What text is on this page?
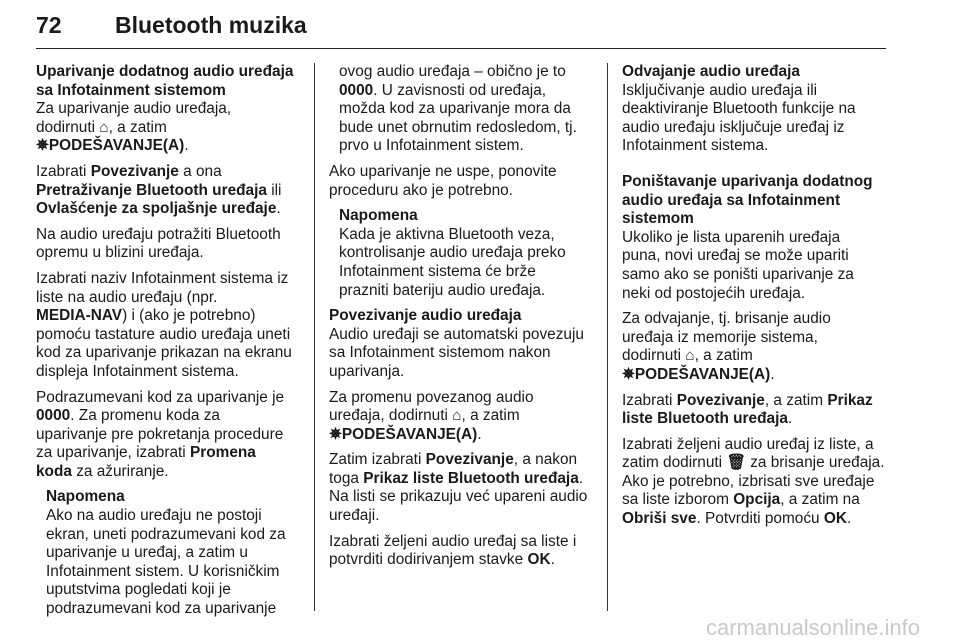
72 Bluetooth muzika

Uparivanje dodatnog audio uređaja
sa Infotainment sistemom

Za uparivanje audio uređaja,
dodirnuti ⌂, a zatim
✵PODEŠAVANJE(A).

Izabrati Povezivanje a ona
Pretraživanje Bluetooth uređaja ili
Ovlašćenje za spoljašnje uređaje.

Na audio uređaju potražiti Bluetooth
opremu u blizini uređaja.

Izabrati naziv Infotainment sistema iz
liste na audio uređaju (npr.
MEDIA-NAV) i (ako je potrebno)
pomoću tastature audio uređaja uneti
kod za uparivanje prikazan na ekranu
displeja Infotainment sistema.

Podrazumevani kod za uparivanje je
0000. Za promenu koda za
uparivanje pre pokretanja procedure
za uparivanje, izabrati Promena
koda za ažuriranje.

Napomena
Ako na audio uređaju ne postoji
ekran, uneti podrazumevani kod za
uparivanje u uređaj, a zatim u
Infotainment sistem. U korisničkim
uputstvima pogledati koji je
podrazumevani kod za uparivanje
ovog audio uređaja – obično je to
0000. U zavisnosti od uređaja,
možda kod za uparivanje mora da
bude unet obrnutim redosledom, tj.
prvo u Infotainment sistem.

Ako uparivanje ne uspe, ponovite
proceduru ako je potrebno.

Napomena
Kada je aktivna Bluetooth veza,
kontrolisanje audio uređaja preko
Infotainment sistema će brže
prazniti bateriju audio uređaja.

Povezivanje audio uređaja

Audio uređaji se automatski povezuju
sa Infotainment sistemom nakon
uparivanja.

Za promenu povezanog audio
uređaja, dodirnuti ⌂, a zatim
✵PODEŠAVANJE(A).

Zatim izabrati Povezivanje, a nakon
toga Prikaz liste Bluetooth uređaja.
Na listi se prikazuju već upareni audio
uređaji.

Izabrati željeni audio uređaj sa liste i
potvrditi dodirivanjem stavke OK.

Odvajanje audio uređaja

Isključivanje audio uređaja ili
deaktiviranje Bluetooth funkcije na
audio uređaju isključuje uređaj iz
Infotainment sistema.

Poništavanje uparivanja dodatnog
audio uređaja sa Infotainment
sistemom

Ukoliko je lista uparenih uređaja
puna, novi uređaj se može upariti
samo ako se poništi uparivanje za
neki od postojećih uređaja.

Za odvajanje, tj. brisanje audio
uređaja iz memorije sistema,
dodirnuti ⌂, a zatim
✵PODEŠAVANJE(A).

Izabrati Povezivanje, a zatim Prikaz
liste Bluetooth uređaja.

Izabrati željeni audio uređaj iz liste, a
zatim dodirnuti 🗑 za brisanje uređaja.
Ako je potrebno, izbrisati sve uređaje
sa liste izborom Opcija, a zatim na
Obriši sve. Potvrditi pomoću OK.

carmanualsonline.info
